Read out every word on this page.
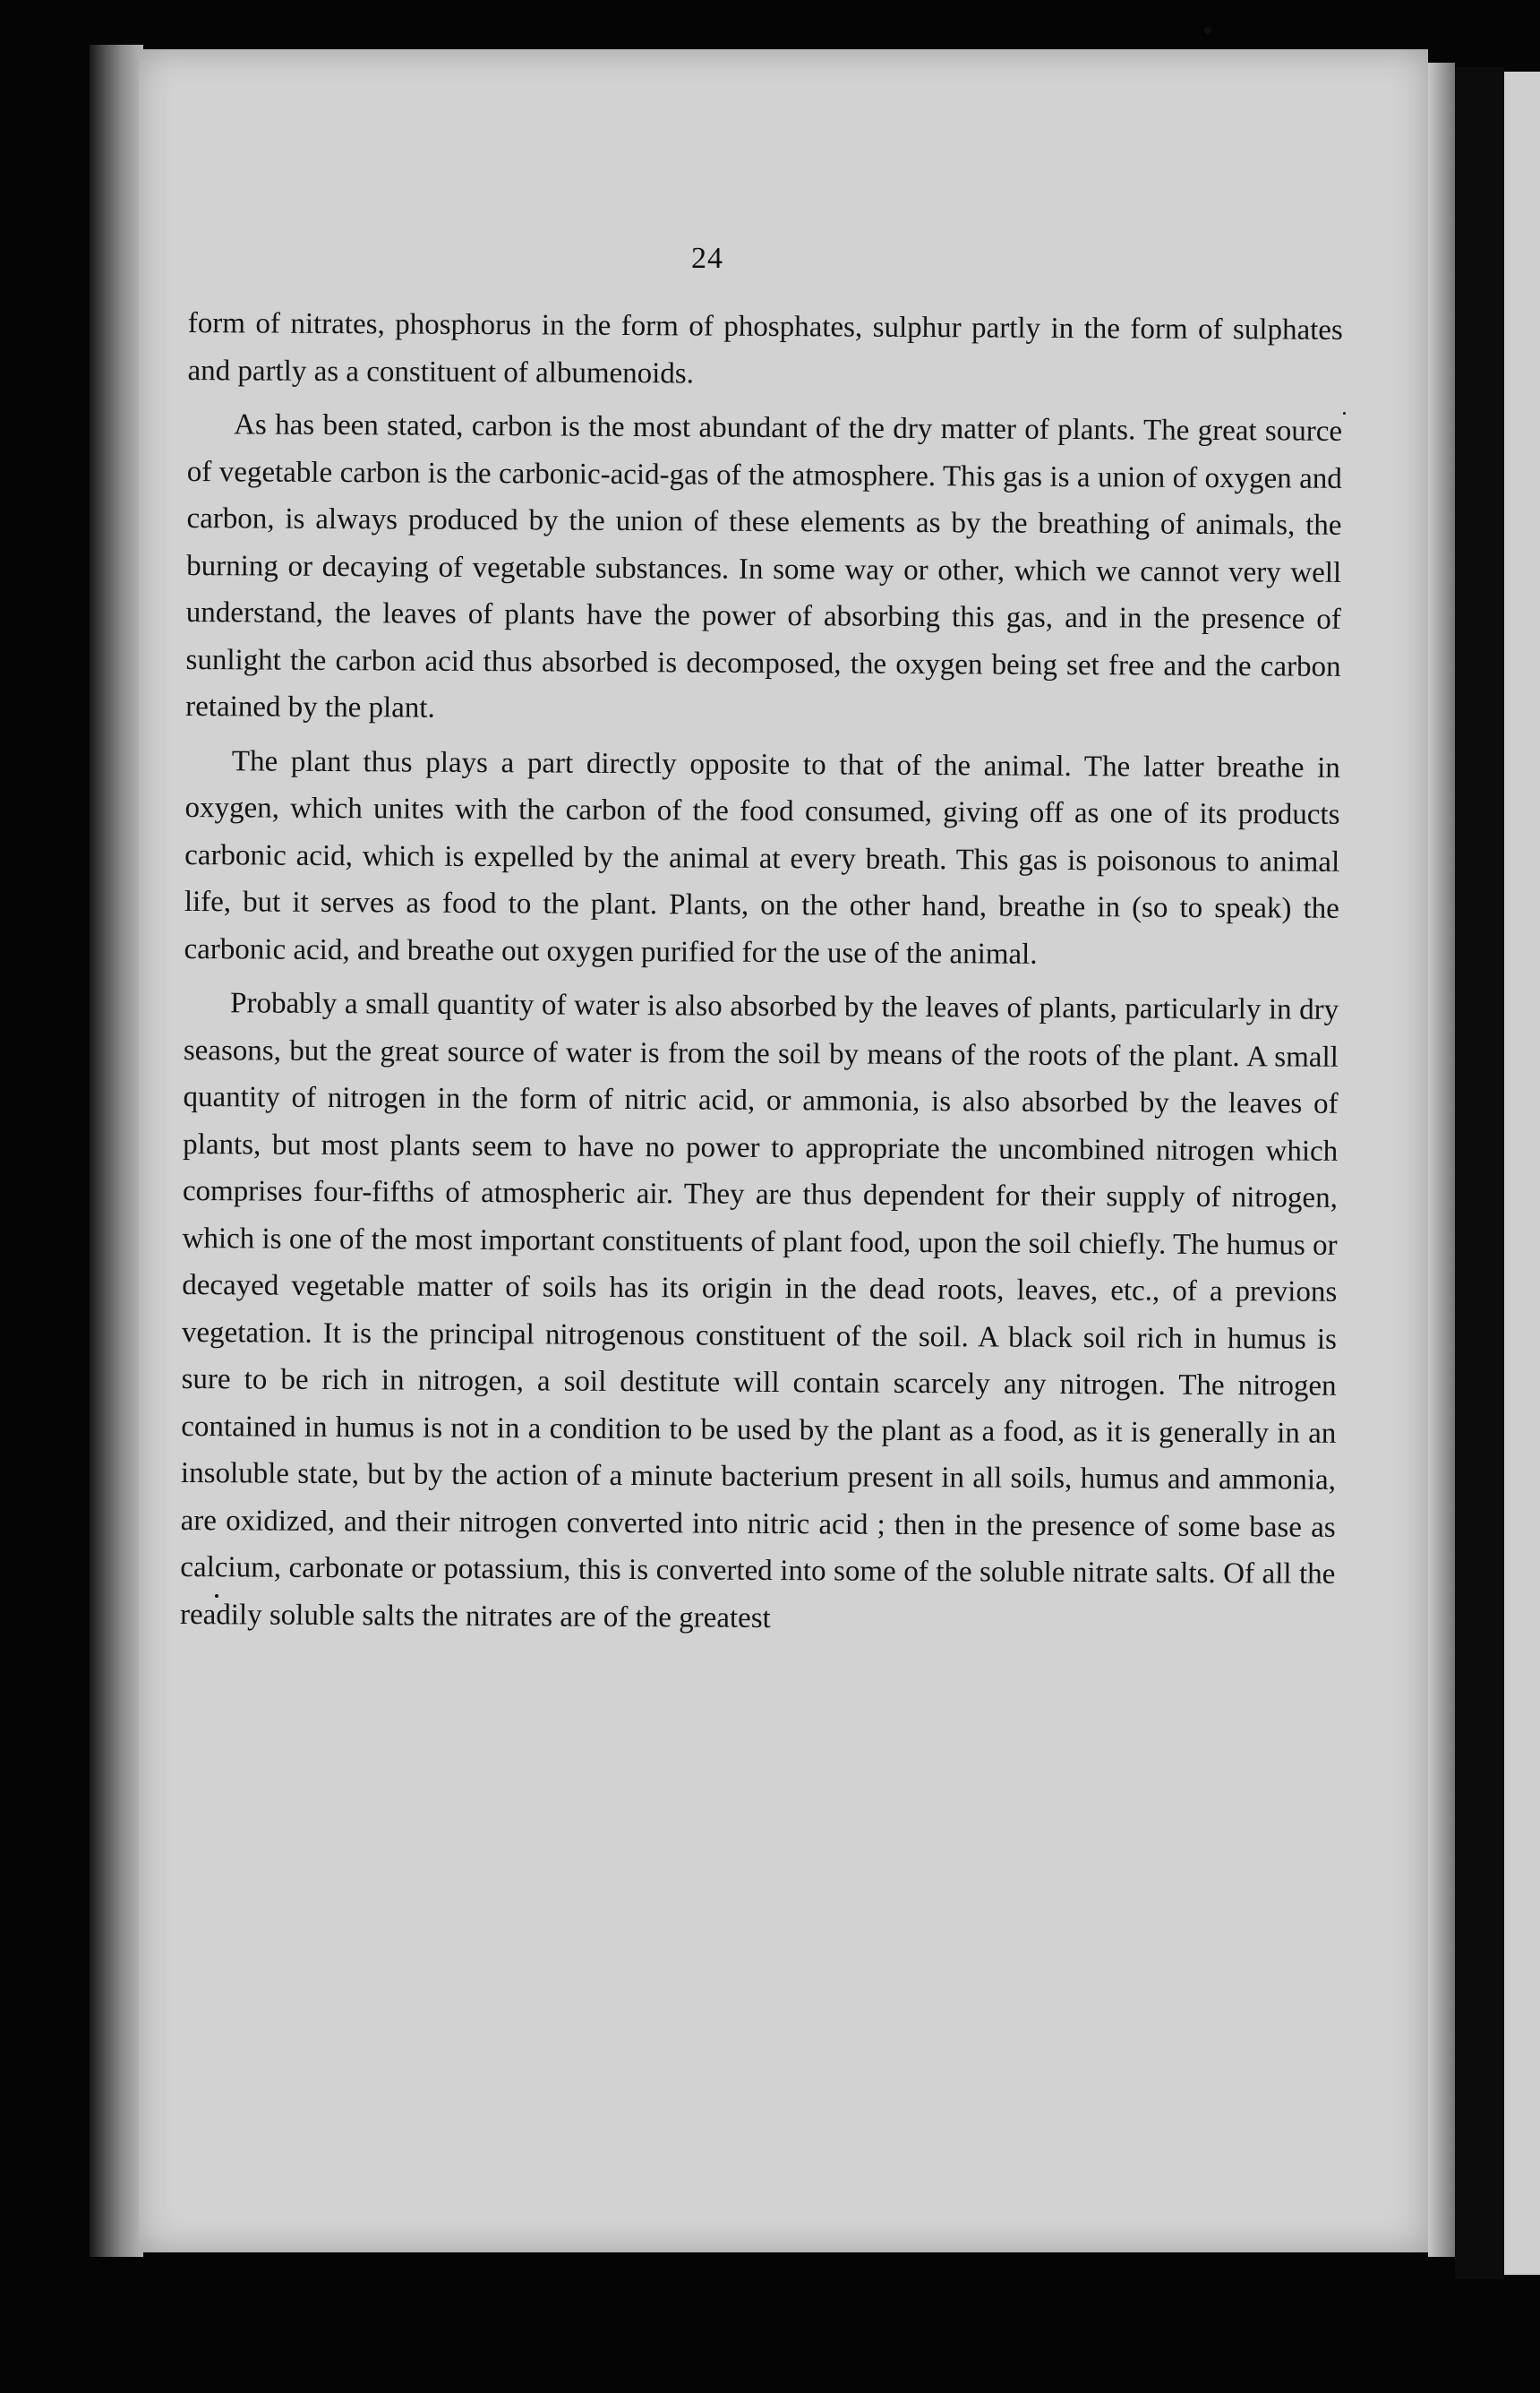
24

form of nitrates, phosphorus in the form of phosphates, sulphur partly in the form of sulphates and partly as a constituent of albumenoids.

As has been stated, carbon is the most abundant of the dry matter of plants. The great source of vegetable carbon is the carbonic-acid-gas of the atmosphere. This gas is a union of oxygen and carbon, is always produced by the union of these elements as by the breathing of animals, the burning or decaying of vegetable substances. In some way or other, which we cannot very well understand, the leaves of plants have the power of absorbing this gas, and in the presence of sunlight the carbon acid thus absorbed is decomposed, the oxygen being set free and the carbon retained by the plant.

The plant thus plays a part directly opposite to that of the animal. The latter breathe in oxygen, which unites with the carbon of the food consumed, giving off as one of its products carbonic acid, which is expelled by the animal at every breath. This gas is poisonous to animal life, but it serves as food to the plant. Plants, on the other hand, breathe in (so to speak) the carbonic acid, and breathe out oxygen purified for the use of the animal.

Probably a small quantity of water is also absorbed by the leaves of plants, particularly in dry seasons, but the great source of water is from the soil by means of the roots of the plant. A small quantity of nitrogen in the form of nitric acid, or ammonia, is also absorbed by the leaves of plants, but most plants seem to have no power to appropriate the uncombined nitrogen which comprises four-fifths of atmospheric air. They are thus dependent for their supply of nitrogen, which is one of the most important constituents of plant food, upon the soil chiefly. The humus or decayed vegetable matter of soils has its origin in the dead roots, leaves, etc., of a previons vegetation. It is the principal nitrogenous constituent of the soil. A black soil rich in humus is sure to be rich in nitrogen, a soil destitute will contain scarcely any nitrogen. The nitrogen contained in humus is not in a condition to be used by the plant as a food, as it is generally in an insoluble state, but by the action of a minute bacterium present in all soils, humus and ammonia, are oxidized, and their nitrogen converted into nitric acid ; then in the presence of some base as calcium, carbonate or potassium, this is converted into some of the soluble nitrate salts. Of all the readily soluble salts the nitrates are of the greatest
